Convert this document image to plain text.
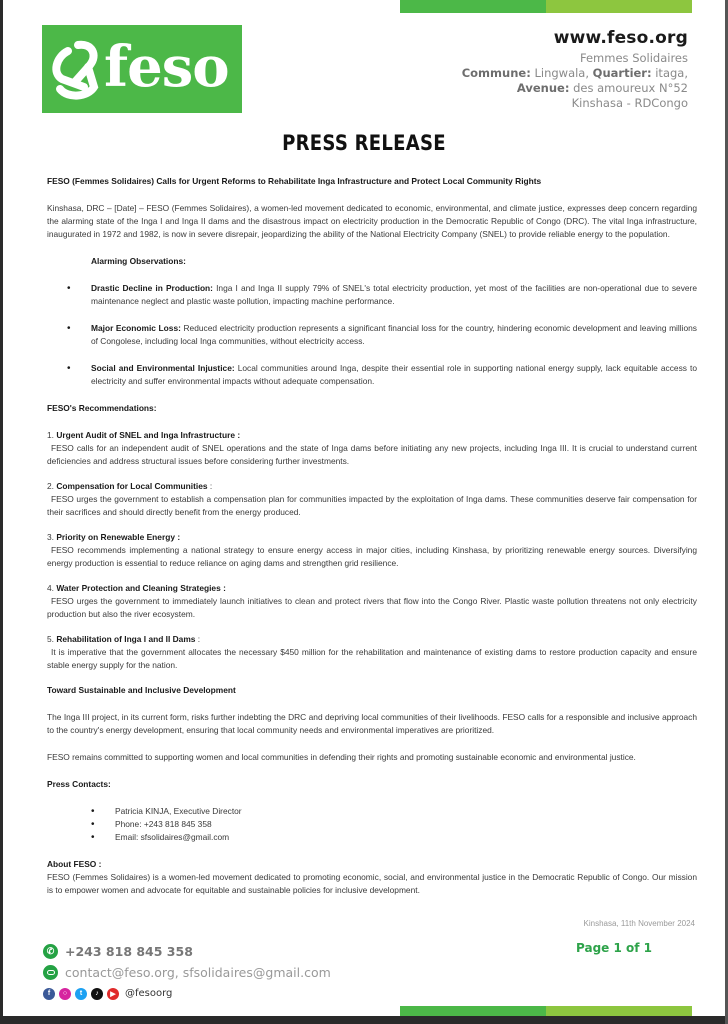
feso	www.feso.org
Femmes Solidaires
Commune: Lingwala, Quartier: itaga,
Avenue: des amoureux N°52
Kinshasa - RDCongo
PRESS RELEASE

FESO (Femmes Solidaires) Calls for Urgent Reforms to Rehabilitate Inga Infrastructure and Protect Local Community Rights

Kinshasa, DRC – [Date] – FESO (Femmes Solidaires), a women-led movement dedicated to economic, environmental, and climate justice, expresses deep concern regarding the alarming state of the Inga I and Inga II dams and the disastrous impact on electricity production in the Democratic Republic of Congo (DRC). The vital Inga infrastructure, inaugurated in 1972 and 1982, is now in severe disrepair, jeopardizing the ability of the National Electricity Company (SNEL) to provide reliable energy to the population.

Alarming Observations:
• Drastic Decline in Production: Inga I and Inga II supply 79% of SNEL's total electricity production, yet most of the facilities are non-operational due to severe maintenance neglect and plastic waste pollution, impacting machine performance.
• Major Economic Loss: Reduced electricity production represents a significant financial loss for the country, hindering economic development and leaving millions of Congolese, including local Inga communities, without electricity access.
• Social and Environmental Injustice: Local communities around Inga, despite their essential role in supporting national energy supply, lack equitable access to electricity and suffer environmental impacts without adequate compensation.

FESO's Recommendations:

1. Urgent Audit of SNEL and Inga Infrastructure :

FESO calls for an independent audit of SNEL operations and the state of Inga dams before initiating any new projects, including Inga III. It is crucial to understand current deficiencies and address structural issues before considering further investments.

2. Compensation for Local Communities :

FESO urges the government to establish a compensation plan for communities impacted by the exploitation of Inga dams. These communities deserve fair compensation for their sacrifices and should directly benefit from the energy produced.

3. Priority on Renewable Energy :

FESO recommends implementing a national strategy to ensure energy access in major cities, including Kinshasa, by prioritizing renewable energy sources. Diversifying energy production is essential to reduce reliance on aging dams and strengthen grid resilience.

4. Water Protection and Cleaning Strategies :

FESO urges the government to immediately launch initiatives to clean and protect rivers that flow into the Congo River. Plastic waste pollution threatens not only electricity production but also the river ecosystem.

5. Rehabilitation of Inga I and II Dams :

It is imperative that the government allocates the necessary $450 million for the rehabilitation and maintenance of existing dams to restore production capacity and ensure stable energy supply for the nation.

Toward Sustainable and Inclusive Development

The Inga III project, in its current form, risks further indebting the DRC and depriving local communities of their livelihoods. FESO calls for a responsible and inclusive approach to the country's energy development, ensuring that local community needs and environmental imperatives are prioritized.

FESO remains committed to supporting women and local communities in defending their rights and promoting sustainable economic and environmental justice.

Press Contacts:

• Patricia KINJA, Executive Director
• Phone: +243 818 845 358
• Email: sfsolidaires@gmail.com

About FESO :

FESO (Femmes Solidaires) is a women-led movement dedicated to promoting economic, social, and environmental justice in the Democratic Republic of Congo. Our mission is to empower women and advocate for equitable and sustainable policies for inclusive development.

Kinshasa, 11th November 2024
Page 1 of 1
✆ +243 818 845 358
contact@feso.org, sfsolidaires@gmail.com
f	○	t	♪	▶ @fesoorg
